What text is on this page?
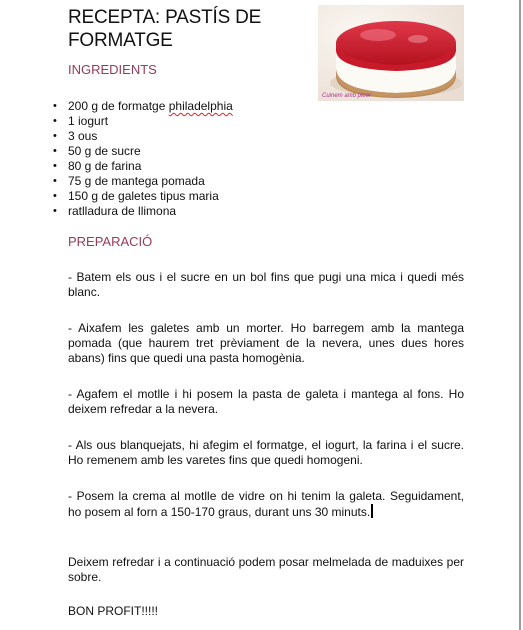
RECEPTA: PASTÍS DE FORMATGE
Cuinem amb pleer
INGREDIENTS
• 200 g de formatge philadelphia
• 1 iogurt
• 3 ous
• 50 g de sucre
• 80 g de farina
• 75 g de mantega pomada
• 150 g de galetes tipus maria
• ratlladura de llimona
PREPARACIÓ
- Batem els ous i el sucre en un bol fins que pugi una mica i quedi més blanc.
- Aixafem les galetes amb un morter. Ho barregem amb la mantega pomada (que haurem tret prèviament de la nevera, unes dues hores abans) fins que quedi una pasta homogènia.
- Agafem el motlle i hi posem la pasta de galeta i mantega al fons. Ho deixem refredar a la nevera.
- Als ous blanquejats, hi afegim el formatge, el iogurt, la farina i el sucre. Ho remenem amb les varetes fins que quedi homogeni.
- Posem la crema al motlle de vidre on hi tenim la galeta. Seguidament, ho posem al forn a 150-170 graus, durant uns 30 minuts.
Deixem refredar i a continuació podem posar melmelada de maduixes per sobre.
BON PROFIT!!!!!
